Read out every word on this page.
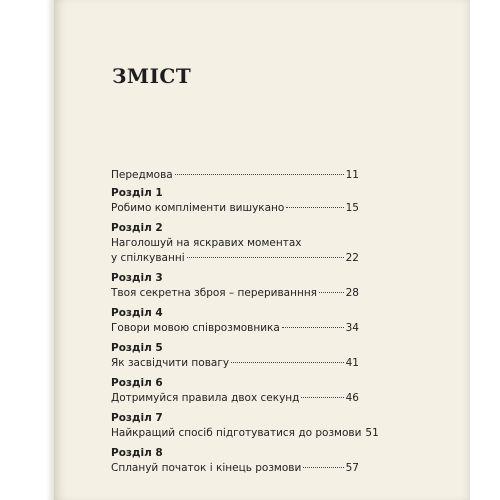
ЗМІСТ
Передмова	11
Розділ 1
Робимо компліменти вишукано	15
Розділ 2
Наголошуй на яскравих моментах
у спілкуванні	22
Розділ 3
Твоя секретна зброя – перериванння	28
Розділ 4
Говори мовою співрозмовника	34
Розділ 5
Як засвідчити повагу	41
Розділ 6
Дотримуйся правила двох секунд	46
Розділ 7
Найкращий спосіб підготуватися до розмови 51
Розділ 8
Сплануй початок і кінець розмови	57
